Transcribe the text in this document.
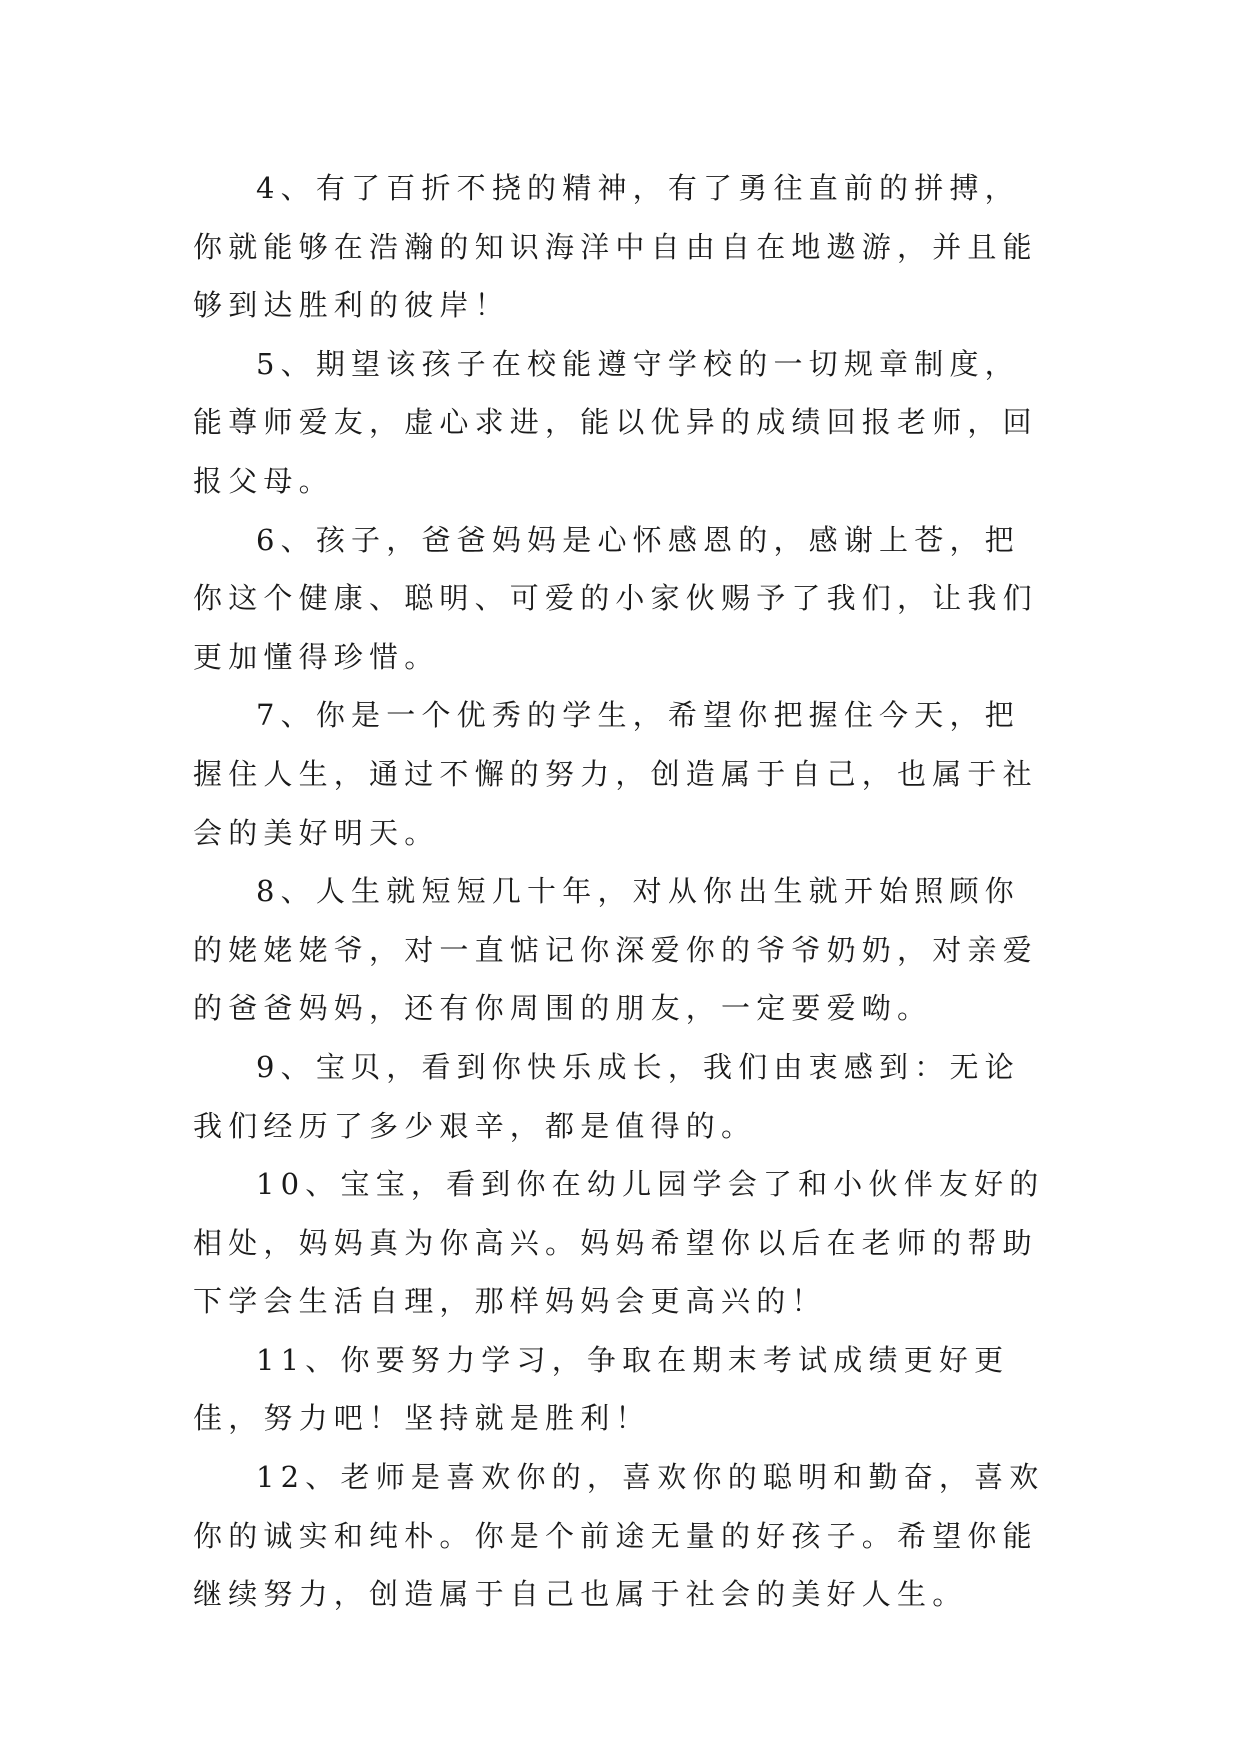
4、有了百折不挠的精神，有了勇往直前的拼搏，你就能够在浩瀚的知识海洋中自由自在地遨游，并且能够到达胜利的彼岸！

5、期望该孩子在校能遵守学校的一切规章制度，能尊师爱友，虚心求进，能以优异的成绩回报老师，回报父母。

6、孩子，爸爸妈妈是心怀感恩的，感谢上苍，把你这个健康、聪明、可爱的小家伙赐予了我们，让我们更加懂得珍惜。

7、你是一个优秀的学生，希望你把握住今天，把握住人生，通过不懈的努力，创造属于自己，也属于社会的美好明天。

8、人生就短短几十年，对从你出生就开始照顾你的姥姥姥爷，对一直惦记你深爱你的爷爷奶奶，对亲爱的爸爸妈妈，还有你周围的朋友，一定要爱呦。

9、宝贝，看到你快乐成长，我们由衷感到：无论我们经历了多少艰辛，都是值得的。

10、宝宝，看到你在幼儿园学会了和小伙伴友好的相处，妈妈真为你高兴。妈妈希望你以后在老师的帮助下学会生活自理，那样妈妈会更高兴的！

11、你要努力学习，争取在期末考试成绩更好更佳，努力吧！坚持就是胜利！

12、老师是喜欢你的，喜欢你的聪明和勤奋，喜欢你的诚实和纯朴。你是个前途无量的好孩子。希望你能继续努力，创造属于自己也属于社会的美好人生。
